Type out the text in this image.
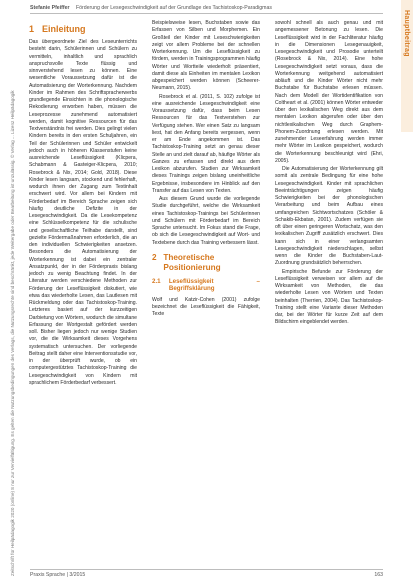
Zeitschrift für Heilpädagogik 2020 (online) 8 nur zur Vervielfältigung. Es gelten die Nutzungsbedingungen des Verlags, die Nutzungsrechte sind beschränkt, jede Weitergabe oder Bearbeitung ist unzulässig. © Verlag ... Lizenz Heilpädagogik
Hauptbeitrag
Stefanie Pfeiffer Förderung der Lesegeschwindigkeit auf der Grundlage des Tachistoskop-Paradigmas
1 Einleitung

Das übergeordnete Ziel des Leseunterrichts besteht darin, Schülerinnen und Schülern zu vermitteln, inhaltlich und sprachlich anspruchsvolle Texte flüssig und sinnverstehend lesen zu können. Eine wesentliche Voraussetzung dafür ist die Automatisierung der Worterkennung. Nachdem Kinder im Rahmen des Schriftspracherwerbs grundlegende Einsichten in die phonologische Rekodierung erworben haben, müssen die Leseprozesse zunehmend automatisiert werden, damit kognitive Ressourcen für das Textverständnis frei werden. Dies gelingt vielen Kindern bereits in den ersten Schuljahren, ein Teil der Schülerinnen und Schüler entwickelt jedoch auch in höheren Klassenstufen keine ausreichende Leseflüssigkeit (Klicpera, Schabmann & Gasteiger-Klicpera, 2010; Rosebrock & Nix, 2014; Gold, 2018). Diese Kinder lesen langsam, stockend und fehlerhaft, wodurch ihnen der Zugang zum Textinhalt erschwert wird. Vor allem bei Kindern mit Förderbedarf im Bereich Sprache zeigen sich häufig deutliche Defizite in der Lesegeschwindigkeit. Da die Lesekompetenz eine Schlüsselkompetenz für die schulische und gesellschaftliche Teilhabe darstellt, sind gezielte Fördermaßnahmen erforderlich, die an den individuellen Schwierigkeiten ansetzen. Besonders die Automatisierung der Worterkennung ist dabei ein zentraler Ansatzpunkt, der in der Förderpraxis bislang jedoch zu wenig Beachtung findet. In der Literatur werden verschiedene Methoden zur Förderung der Leseflüssigkeit diskutiert, wie etwa das wiederholte Lesen, das Lautlesen mit Rückmeldung oder das Tachistoskop-Training. Letzteres basiert auf der kurzzeitigen Darbietung von Wörtern, wodurch die simultane Erfassung der Wortgestalt gefördert werden soll. Bisher liegen jedoch nur wenige Studien vor, die die Wirksamkeit dieses Vorgehens systematisch untersuchen. Der vorliegende Beitrag stellt daher eine Interventionsstudie vor, in der überprüft wurde, ob ein computergestütztes Tachistoskop-Training die Lesegeschwindigkeit von Kindern mit sprachlichem Förderbedarf verbessert.

Beispielsweise lesen, Buchstaben sowie das Erfassen von Silben und Morphemen. Ein Großteil der Kinder mit Leseschwierigkeiten zeigt vor allem Probleme bei der schnellen Worterkennung. Um die Leseflüssigkeit zu fördern, werden in Trainingsprogrammen häufig Wörter und Wortteile wiederholt präsentiert, damit diese als Einheiten im mentalen Lexikon abgespeichert werden können (Scheerer-Neumann, 2015).

Rosebrock et al. (2011, S. 102) zufolge ist eine ausreichende Lesegeschwindigkeit eine Voraussetzung dafür, dass beim Lesen Ressourcen für das Textverstehen zur Verfügung stehen. Wer einen Satz zu langsam liest, hat den Anfang bereits vergessen, wenn er am Ende angekommen ist. Das Tachistoskop-Training setzt an genau dieser Stelle an und zielt darauf ab, häufige Wörter als Ganzes zu erfassen und direkt aus dem Lexikon abzurufen. Studien zur Wirksamkeit dieses Trainings zeigen bislang uneinheitliche Ergebnisse, insbesondere im Hinblick auf den Transfer auf das Lesen von Texten.

Aus diesem Grund wurde die vorliegende Studie durchgeführt, welche die Wirksamkeit eines Tachistoskop-Trainings bei Schülerinnen und Schülern mit Förderbedarf im Bereich Sprache untersucht. Im Fokus stand die Frage, ob sich die Lesegeschwindigkeit auf Wort- und Textebene durch das Training verbessern lässt.

2 Theoretische Positionierung
2.1	Leseflüssigkeit – Begriffsklärung

Wolf und Katzir-Cohen (2001) zufolge bezeichnet die Leseflüssigkeit die Fähigkeit, Texte

sowohl schnell als auch genau und mit angemessener Betonung zu lesen. Die Leseflüssigkeit wird in der Fachliteratur häufig in die Dimensionen Lesegenauigkeit, Lesegeschwindigkeit und Prosodie unterteilt (Rosebrock & Nix, 2014). Eine hohe Lesegeschwindigkeit setzt voraus, dass die Worterkennung weitgehend automatisiert abläuft und die Kinder Wörter nicht mehr Buchstabe für Buchstabe erlesen müssen. Nach dem Modell der Wortidentifikation von Coltheart et al. (2001) können Wörter entweder über den lexikalischen Weg direkt aus dem mentalen Lexikon abgerufen oder über den nichtlexikalischen Weg durch Graphem-Phonem-Zuordnung erlesen werden. Mit zunehmender Leseerfahrung werden immer mehr Wörter im Lexikon gespeichert, wodurch die Worterkennung beschleunigt wird (Ehri, 2005).

Die Automatisierung der Worterkennung gilt somit als zentrale Bedingung für eine hohe Lesegeschwindigkeit. Kinder mit sprachlichen Beeinträchtigungen zeigen häufig Schwierigkeiten bei der phonologischen Verarbeitung und beim Aufbau eines umfangreichen Sichtwortschatzes (Schöler & Schakib-Ekbatan, 2001). Zudem verfügen sie oft über einen geringeren Wortschatz, was den lexikalischen Zugriff zusätzlich erschwert. Dies kann sich in einer verlangsamten Lesegeschwindigkeit niederschlagen, selbst wenn die Kinder die Buchstaben-Laut-Zuordnung grundsätzlich beherrschen.

Empirische Befunde zur Förderung der Leseflüssigkeit verweisen vor allem auf die Wirksamkeit von Methoden, die das wiederholte Lesen von Wörtern und Texten beinhalten (Therrien, 2004). Das Tachistoskop-Training stellt eine Variante dieser Methoden dar, bei der Wörter für kurze Zeit auf dem Bildschirm eingeblendet werden.

Praxis Sprache | 3/2015	163
